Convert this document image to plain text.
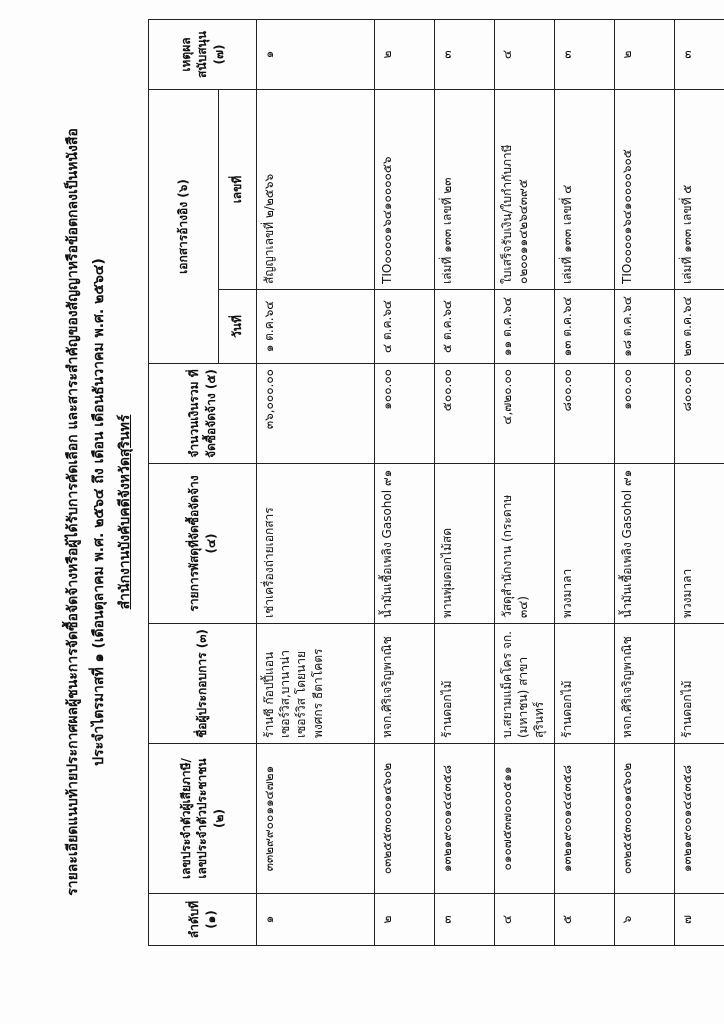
รายละเอียดแนบท้ายประกาศผลผู้ชนะการจัดซื้อจัดจ้างหรือผู้ได้รับการคัดเลือก และสาระสำคัญของสัญญาหรือข้อตกลงเป็นหนังสือ ประจำไตรมาสที่ ๑ (เดือนตุลาคม พ.ศ. ๒๕๖๔ ถึง เดือน เดือนธันวาคม พ.ศ. ๒๕๖๔) สำนักงานบังคับคดีจังหวัดสุรินทร์
ลำดับที่ (๑)	เลขประจำตัวผู้เสียภาษี/ เลขประจำตัวประชาชน (๒)	ชื่อผู้ประกอบการ (๓)	รายการพัสดุที่จัดซื้อจัดจ้าง (๔)	จำนวนเงินรวม ที่จัดซื้อจัดจ้าง (๕)	เอกสารอ้างอิง (๖)		เหตุผล สนับสนุน (๗)
					วันที่	เลขที่	
๑	๓๓๒๙๙๐๐๑๑๔๗๒๑	ร้านซี ก๊อปปี้แอน เซอร์วิส,บานาน่า เซอร์วิส โดยนาย พงศกร ธีตาโคตร	เช่าเครื่องถ่ายเอกสาร	๓๖,๐๐๐.๐๐	๑ ต.ค.๖๔	สัญญาเลขที่ ๒/๒๕๖๖	๑
๒	๐๓๒๕๕๓๐๐๐๑๔๖๐๒	หจก.ศิริเจริญพาณิช	น้ำมันเชื้อเพลิง Gasohol ๙๑	๑๐๐.๐๐	๔ ต.ค.๖๔	TIO๐๐๐๐๑๖๔๑๐๐๐๐๕๖	๒
๓	๑๓๒๑๙๐๐๑๔๔๓๕๘	ร้านดอกไม้	พานพุ่มดอกไม้สด	๕๐๐.๐๐	๕ ต.ค.๖๔	เล่มที่ ๑๓๓ เลขที่ ๒๓	๓
๔	๐๑๐๗๕๓๗๐๐๐๕๑๑	บ.สยามแม็คโคร จก. (มหาชน) สาขาสุรินทร์	วัสดุสำนักงาน (กระดาษ ๓๔)	๔,๗๒๐.๐๐	๑๑ ต.ค.๖๔	ใบเสร็จรับเงิน/ใบกำกับภาษี ๐๒๐๐๑๑๔๒๖๔๓๙๕	๔
๕	๑๓๒๑๙๐๐๑๔๔๓๕๘	ร้านดอกไม้	พวงมาลา	๘๐๐.๐๐	๑๓ ต.ค.๖๔	เล่มที่ ๑๓๓ เลขที่ ๔	๓
๖	๐๓๒๕๕๓๐๐๐๑๔๖๐๒	หจก.ศิริเจริญพาณิช	น้ำมันเชื้อเพลิง Gasohol ๙๑	๑๐๐.๐๐	๑๘ ต.ค.๖๔	TIO๐๐๐๐๑๖๔๑๐๐๐๐๖๐๕	๒
๗	๑๓๒๑๙๐๐๑๔๔๓๕๘	ร้านดอกไม้	พวงมาลา	๘๐๐.๐๐	๒๓ ต.ค.๖๔	เล่มที่ ๑๓๓ เลขที่ ๕	๓
